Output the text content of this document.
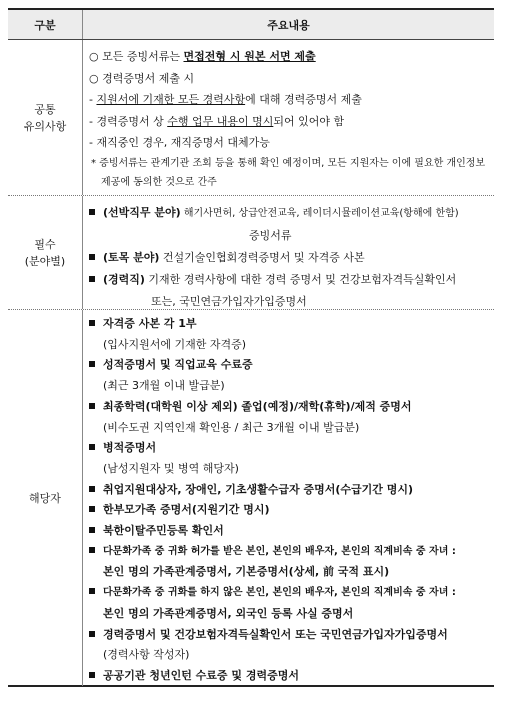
구분	주요내용
공통
유의사항
○ 모든 증빙서류는 면접전형 시 원본 서면 제출
○ 경력증명서 제출 시
- 지원서에 기재한 모든 경력사항에 대해 경력증명서 제출
- 경력증명서 상 수행 업무 내용이 명시되어 있어야 함
- 재직중인 경우, 재직증명서 대체가능
* 증빙서류는 관계기관 조회 등을 통해 확인 예정이며, 모든 지원자는 이에 필요한 개인정보제공에 동의한 것으로 간주
필수
(분야별)
(선박직무 분야) 해기사면허, 상급안전교육, 레이더시뮬레이션교육(항해에 한함)
증빙서류
(토목 분야) 건설기술인협회경력증명서 및 자격증 사본
(경력직) 기재한 경력사항에 대한 경력 증명서 및 건강보험자격득실확인서
또는, 국민연금가입자가입증명서
해당자
자격증 사본 각 1부
(입사지원서에 기재한 자격증)
성적증명서 및 직업교육 수료증
(최근 3개월 이내 발급분)
최종학력(대학원 이상 제외) 졸업(예정)/재학(휴학)/제적 증명서
(비수도권 지역인재 확인용 / 최근 3개월 이내 발급분)
병적증명서
(남성지원자 및 병역 해당자)
취업지원대상자, 장애인, 기초생활수급자 증명서(수급기간 명시)
한부모가족 증명서(지원기간 명시)
북한이탈주민등록 확인서
다문화가족 중 귀화 허가를 받은 본인, 본인의 배우자, 본인의 직계비속 중 자녀 :
본인 명의 가족관계증명서, 기본증명서(상세, 前 국적 표시)
다문화가족 중 귀화를 하지 않은 본인, 본인의 배우자, 본인의 직계비속 중 자녀 :
본인 명의 가족관계증명서, 외국인 등록 사실 증명서
경력증명서 및 건강보험자격득실확인서 또는 국민연금가입자가입증명서
(경력사항 작성자)
공공기관 청년인턴 수료증 및 경력증명서
